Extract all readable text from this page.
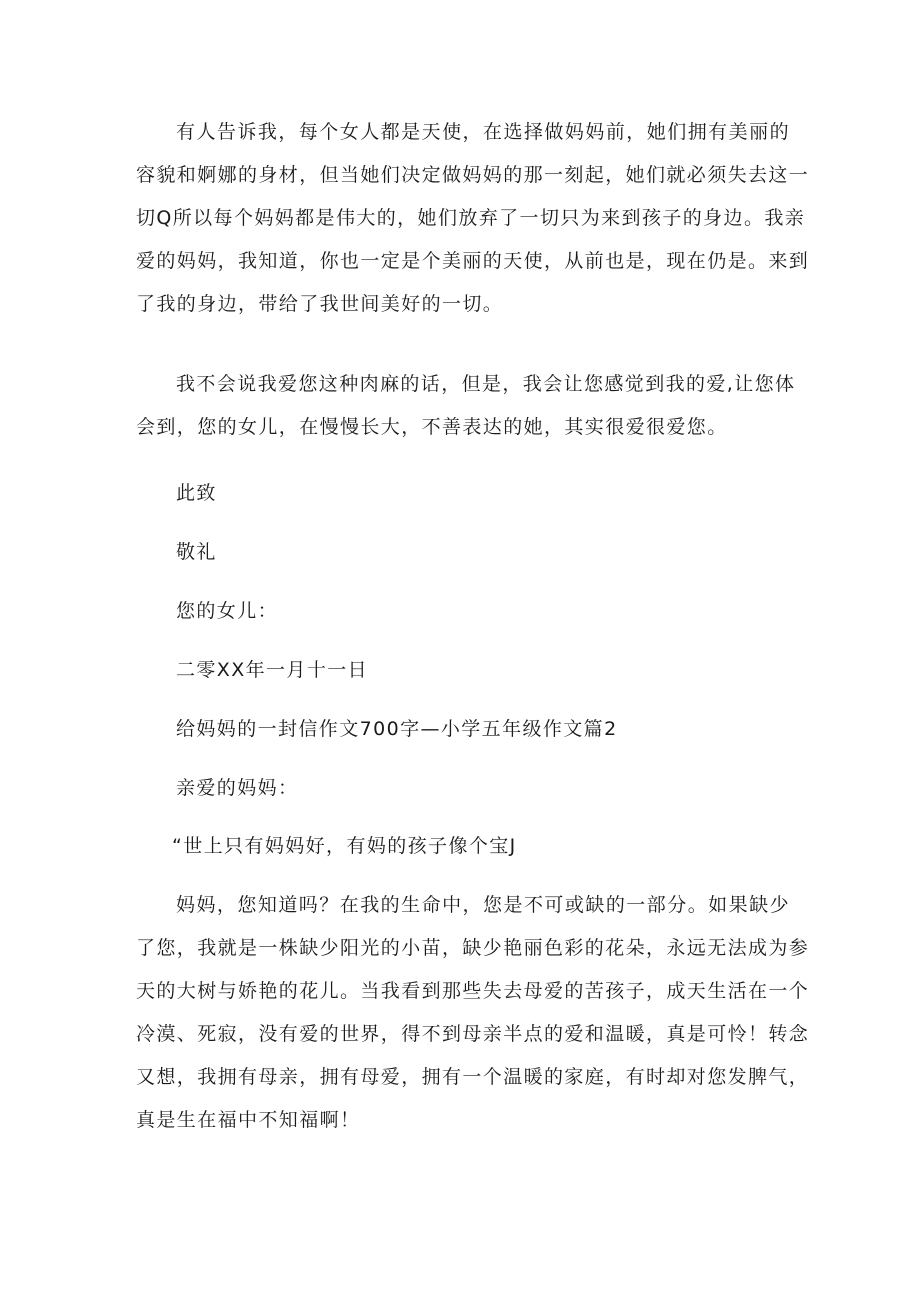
有人告诉我，每个女人都是天使，在选择做妈妈前，她们拥有美丽的
容貌和婀娜的身材，但当她们决定做妈妈的那一刻起，她们就必须失去这一
切Q所以每个妈妈都是伟大的，她们放弃了一切只为来到孩子的身边。我亲
爱的妈妈，我知道，你也一定是个美丽的天使，从前也是，现在仍是。来到
了我的身边，带给了我世间美好的一切。
我不会说我爱您这种肉麻的话，但是，我会让您感觉到我的爱,让您体
会到，您的女儿，在慢慢长大，不善表达的她，其实很爱很爱您。
此致
敬礼
您的女儿：
二零XX年一月十一日
给妈妈的一封信作文700字—小学五年级作文篇2
亲爱的妈妈：
“世上只有妈妈好，有妈的孩子像个宝J
妈妈，您知道吗？在我的生命中，您是不可或缺的一部分。如果缺少
了您，我就是一株缺少阳光的小苗，缺少艳丽色彩的花朵，永远无法成为参
天的大树与娇艳的花儿。当我看到那些失去母爱的苦孩子，成天生活在一个
冷漠、死寂，没有爱的世界，得不到母亲半点的爱和温暖，真是可怜！转念
又想，我拥有母亲，拥有母爱，拥有一个温暖的家庭，有时却对您发脾气，
真是生在福中不知福啊！
